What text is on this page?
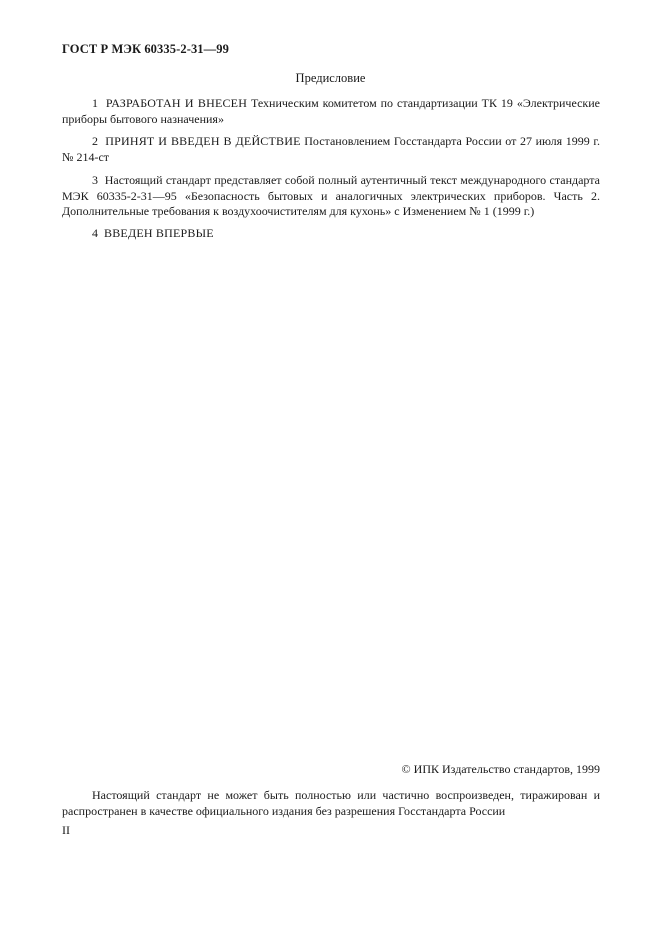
ГОСТ Р МЭК 60335-2-31—99
Предисловие

1 РАЗРАБОТАН И ВНЕСЕН Техническим комитетом по стандартизации ТК 19 «Электрические приборы бытового назначения»

2 ПРИНЯТ И ВВЕДЕН В ДЕЙСТВИЕ Постановлением Госстандарта России от 27 июля 1999 г. № 214-ст

3 Настоящий стандарт представляет собой полный аутентичный текст международного стандарта МЭК 60335-2-31—95 «Безопасность бытовых и аналогичных электрических приборов. Часть 2. Дополнительные требования к воздухоочистителям для кухонь» с Изменением № 1 (1999 г.)

4 ВВЕДЕН ВПЕРВЫЕ

© ИПК Издательство стандартов, 1999

Настоящий стандарт не может быть полностью или частично воспроизведен, тиражирован и распространен в качестве официального издания без разрешения Госстандарта России

II
